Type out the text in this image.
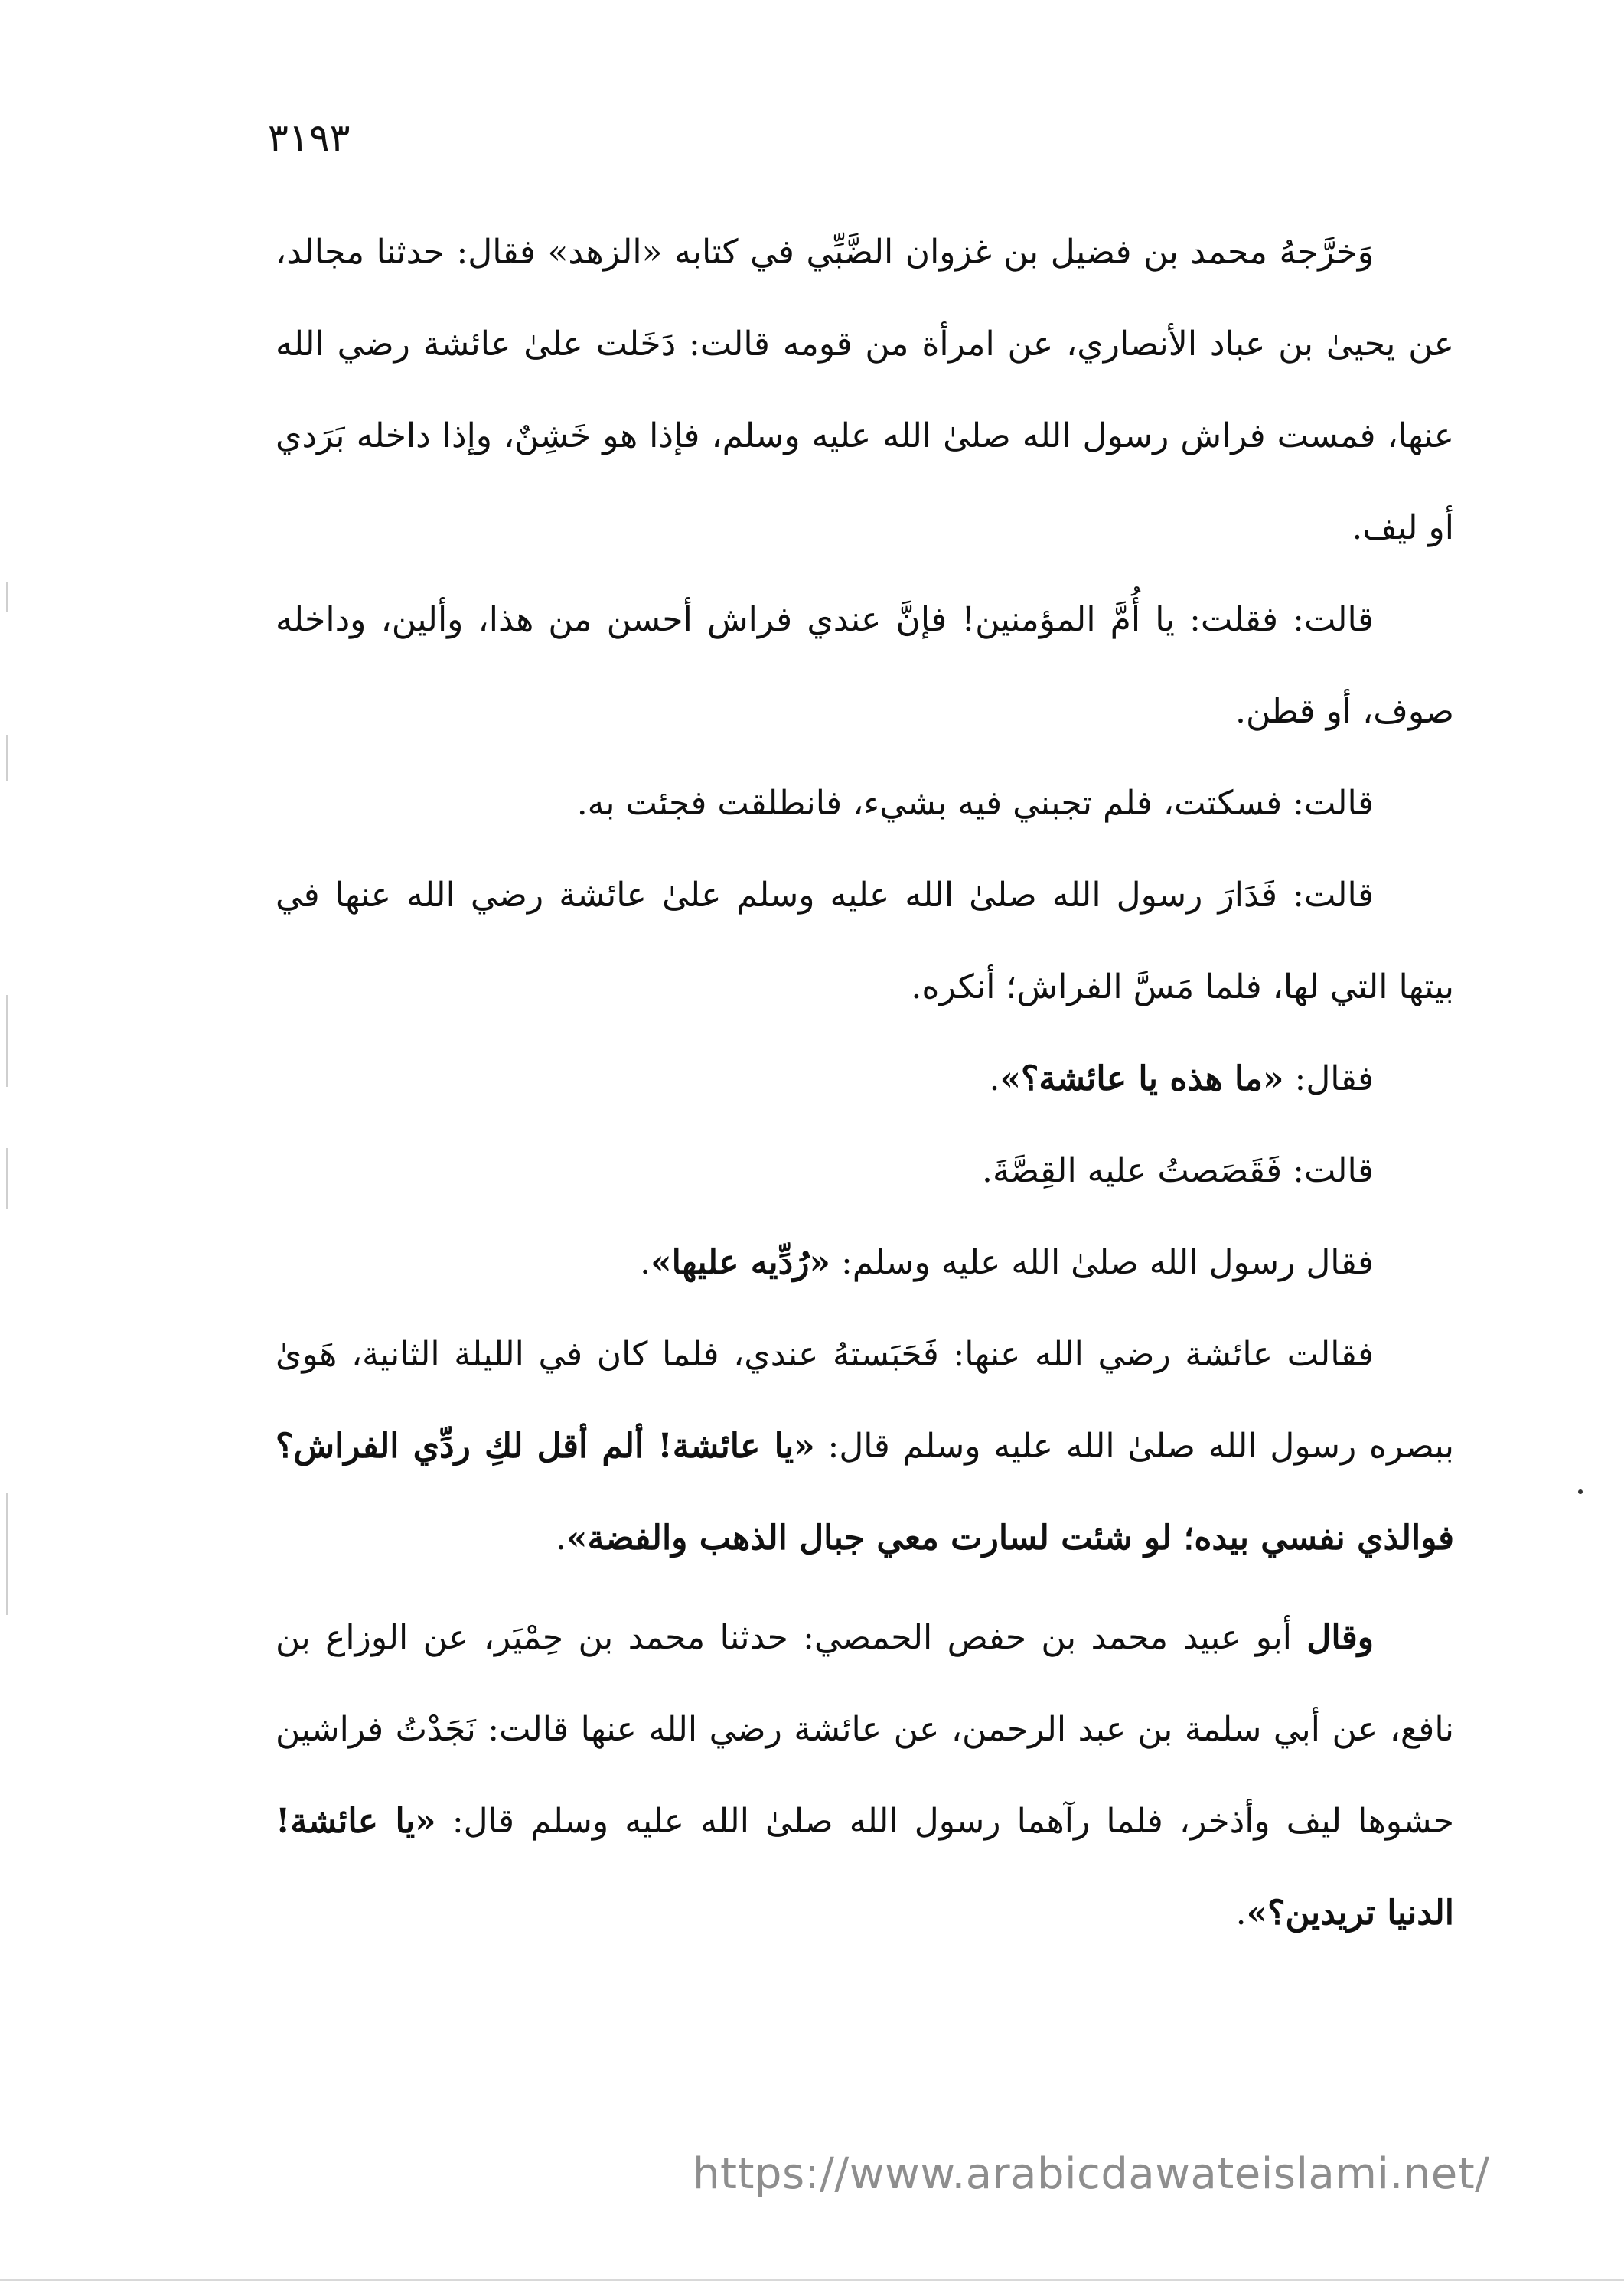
٣١٩٣

وَخرَّجهُ محمد بن فضيل بن غزوان الضَّبِّي في كتابه «الزهد» فقال: حدثنا مجالد، عن يحيىٰ بن عباد الأنصاري، عن امرأة من قومه قالت: دَخَلت علىٰ عائشة رضي الله عنها، فمست فراش رسول الله صلىٰ الله عليه وسلم، فإذا هو خَشِنٌ، وإذا داخله بَرَدي أو ليف.

قالت: فقلت: يا أُمَّ المؤمنين! فإنَّ عندي فراش أحسن من هذا، وألين، وداخله صوف، أو قطن.

قالت: فسكتت، فلم تجبني فيه بشيء، فانطلقت فجئت به.

قالت: فَدَارَ رسول الله صلىٰ الله عليه وسلم علىٰ عائشة رضي الله عنها في بيتها التي لها، فلما مَسَّ الفراش؛ أنكره.

فقال: «ما هذه يا عائشة؟».

قالت: فَقَصَصتُ عليه القِصَّةَ.

فقال رسول الله صلىٰ الله عليه وسلم: «رُدِّيه عليها».

فقالت عائشة رضي الله عنها: فَحَبَستهُ عندي، فلما كان في الليلة الثانية، هَوىٰ ببصره رسول الله صلىٰ الله عليه وسلم قال: «يا عائشة! ألم أقل لكِ ردِّي الفراش؟ فوالذي نفسي بيده؛ لو شئت لسارت معي جبال الذهب والفضة».

وقال أبو عبيد محمد بن حفص الحمصي: حدثنا محمد بن حِمْيَر، عن الوزاع بن نافع، عن أبي سلمة بن عبد الرحمن، عن عائشة رضي الله عنها قالت: نَجَدْتُ فراشين حشوها ليف وأذخر، فلما رآهما رسول الله صلىٰ الله عليه وسلم قال: «يا عائشة! الدنيا تريدين؟».

https://www.arabicdawateislami.net/
